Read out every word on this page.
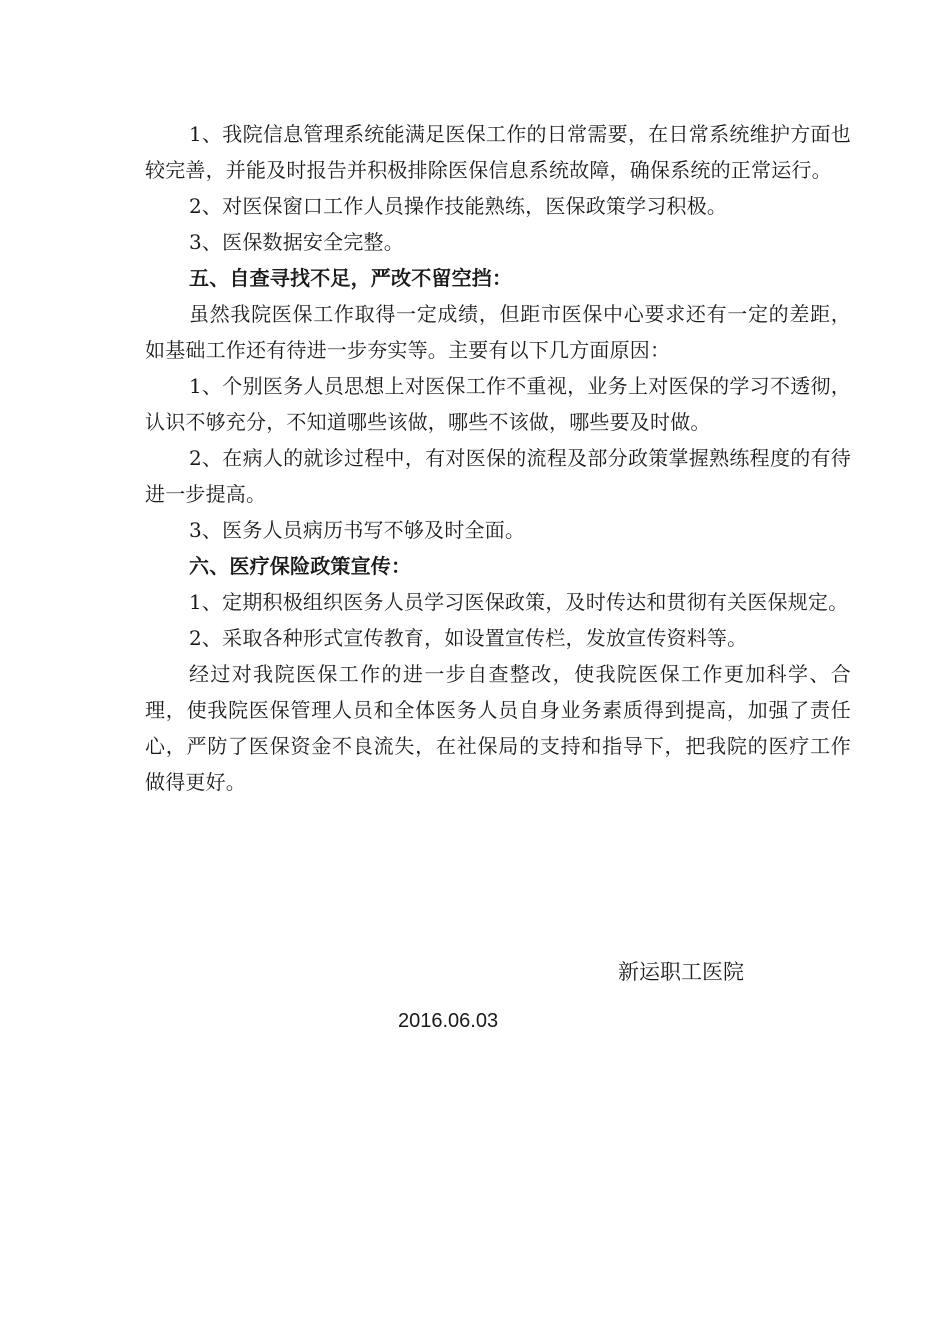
1、我院信息管理系统能满足医保工作的日常需要，在日常系统维护方面也较完善，并能及时报告并积极排除医保信息系统故障，确保系统的正常运行。

2、对医保窗口工作人员操作技能熟练，医保政策学习积极。

3、医保数据安全完整。

五、自查寻找不足，严改不留空挡：

虽然我院医保工作取得一定成绩，但距市医保中心要求还有一定的差距，如基础工作还有待进一步夯实等。主要有以下几方面原因：

1、个别医务人员思想上对医保工作不重视，业务上对医保的学习不透彻，认识不够充分，不知道哪些该做，哪些不该做，哪些要及时做。

2、在病人的就诊过程中，有对医保的流程及部分政策掌握熟练程度的有待进一步提高。

3、医务人员病历书写不够及时全面。

六、医疗保险政策宣传：

1、定期积极组织医务人员学习医保政策，及时传达和贯彻有关医保规定。

2、采取各种形式宣传教育，如设置宣传栏，发放宣传资料等。

经过对我院医保工作的进一步自查整改，使我院医保工作更加科学、合理，使我院医保管理人员和全体医务人员自身业务素质得到提高，加强了责任心，严防了医保资金不良流失，在社保局的支持和指导下，把我院的医疗工作做得更好。

新运职工医院

2016.06.03
